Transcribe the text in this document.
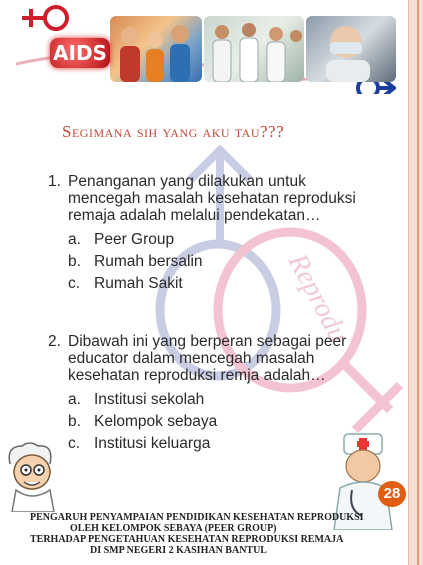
AIDS
Reprodu
Segimana sih yang aku tau???
1. Penanganan yang dilakukan untuk mencegah masalah kesehatan reproduksi remaja adalah melalui pendekatan…
a. Peer Group
b. Rumah bersalin
c. Rumah Sakit
2. Dibawah ini yang berperan sebagai peer educator dalam mencegah masalah kesehatan reproduksi remja adalah…
a. Institusi sekolah
b. Kelompok sebaya
c. Institusi keluarga
28
PENGARUH PENYAMPAIAN PENDIDIKAN KESEHATAN REPRODUKSI
OLEH KELOMPOK SEBAYA (PEER GROUP)
TERHADAP PENGETAHUAN KESEHATAN REPRODUKSI REMAJA
DI SMP NEGERI 2 KASIHAN BANTUL
